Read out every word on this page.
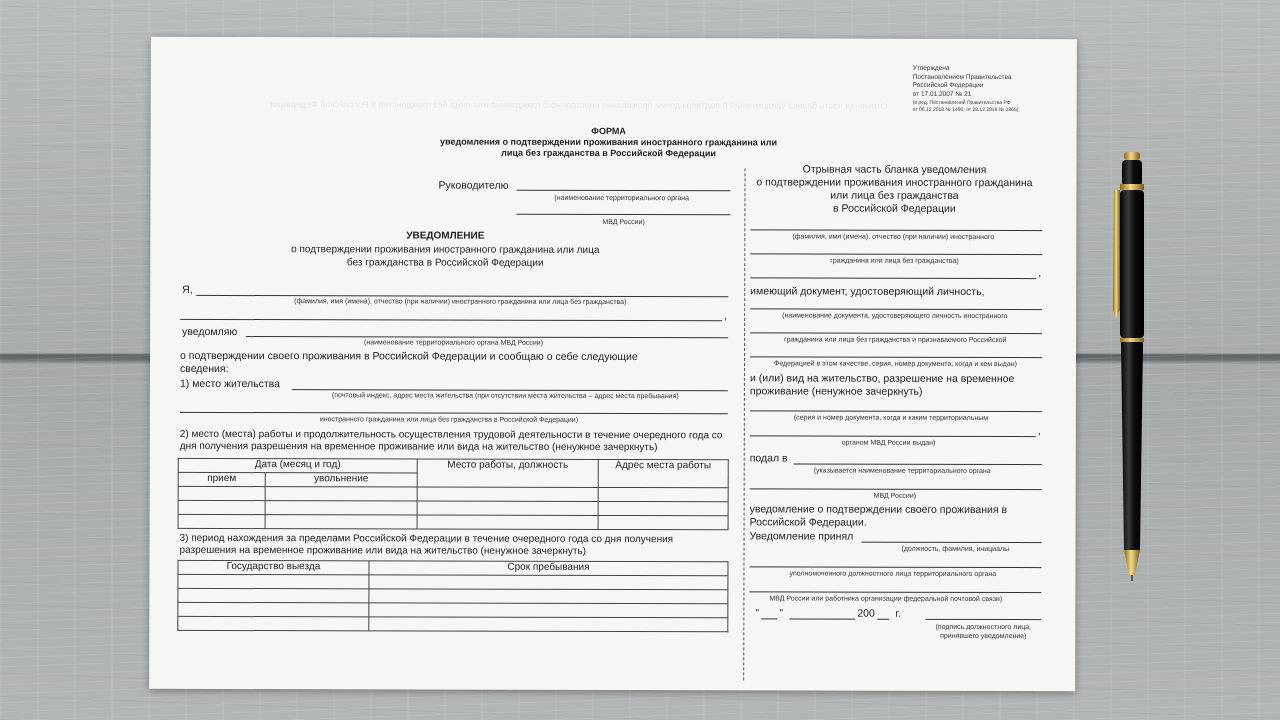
Отрывная часть бланка уведомления о подтверждении проживания иностранного гражданина или лица без гражданства в Российской Федерации
Утверждена
Постановлением Правительства
Российской Федерации
от 17.01.2007 № 21
(в ред. Постановлений Правительства РФ
от 06.12.2018 № 1490, от 28.12.2019 № 1865)
ФОРМА
уведомления о подтверждении проживания иностранного гражданина или
лица без гражданства в Российской Федерации
Руководителю
(наименование территориального органа
МВД России)
УВЕДОМЛЕНИЕ
о подтверждении проживания иностранного гражданина или лица
без гражданства в Российской Федерации
Я,
(фамилия, имя (имена), отчество (при наличии) иностранного гражданина или лица без гражданства)
,
уведомляю
(наименование территориального органа МВД России)
о подтверждении своего проживания в Российской Федерации и сообщаю о себе следующие
сведения:
1) место жительства
(почтовый индекс, адрес места жительства (при отсутствии места жительства – адрес места пребывания)
иностранного гражданина или лица без гражданства в Российской Федерации)
2) место (места) работы и продолжительность осуществления трудовой деятельности в течение очередного года со
дня получения разрешения на временное проживание или вида на жительство (ненужное зачеркнуть)
Дата (месяц и год)		Место работы, должность	Адрес места работы
прием	увольнение		

3) период нахождения за пределами Российской Федерации в течение очередного года со дня получения
разрешения на временное проживание или вида на жительство (ненужное зачеркнуть)
Государство выезда	Срок пребывания

Отрывная часть бланка уведомления
о подтверждении проживания иностранного гражданина
или лица без гражданства
в Российской Федерации
(фамилия, имя (имена), отчество (при наличии) иностранного
гражданина или лица без гражданства)
,
имеющий документ, удостоверяющий личность,
(наименование документа, удостоверяющего личность иностранного
гражданина или лица без гражданства и признаваемого Российской
Федерацией в этом качестве, серия, номер документа, когда и кем выдан)
и (или) вид на жительство, разрешение на временное
проживание (ненужное зачеркнуть)
(серия и номер документа, когда и каким территориальным
,
органом МВД России выдан)
подал в
(указывается наименование территориального органа
МВД России)
уведомление о подтверждении своего проживания в
Российской Федерации.
Уведомление принял
(должность, фамилия, инициалы
уполномоченного должностного лица территориального органа
МВД России или работника организации федеральной почтовой связи)
" "	200 г.
(подпись должностного лица,
принявшего уведомление)
